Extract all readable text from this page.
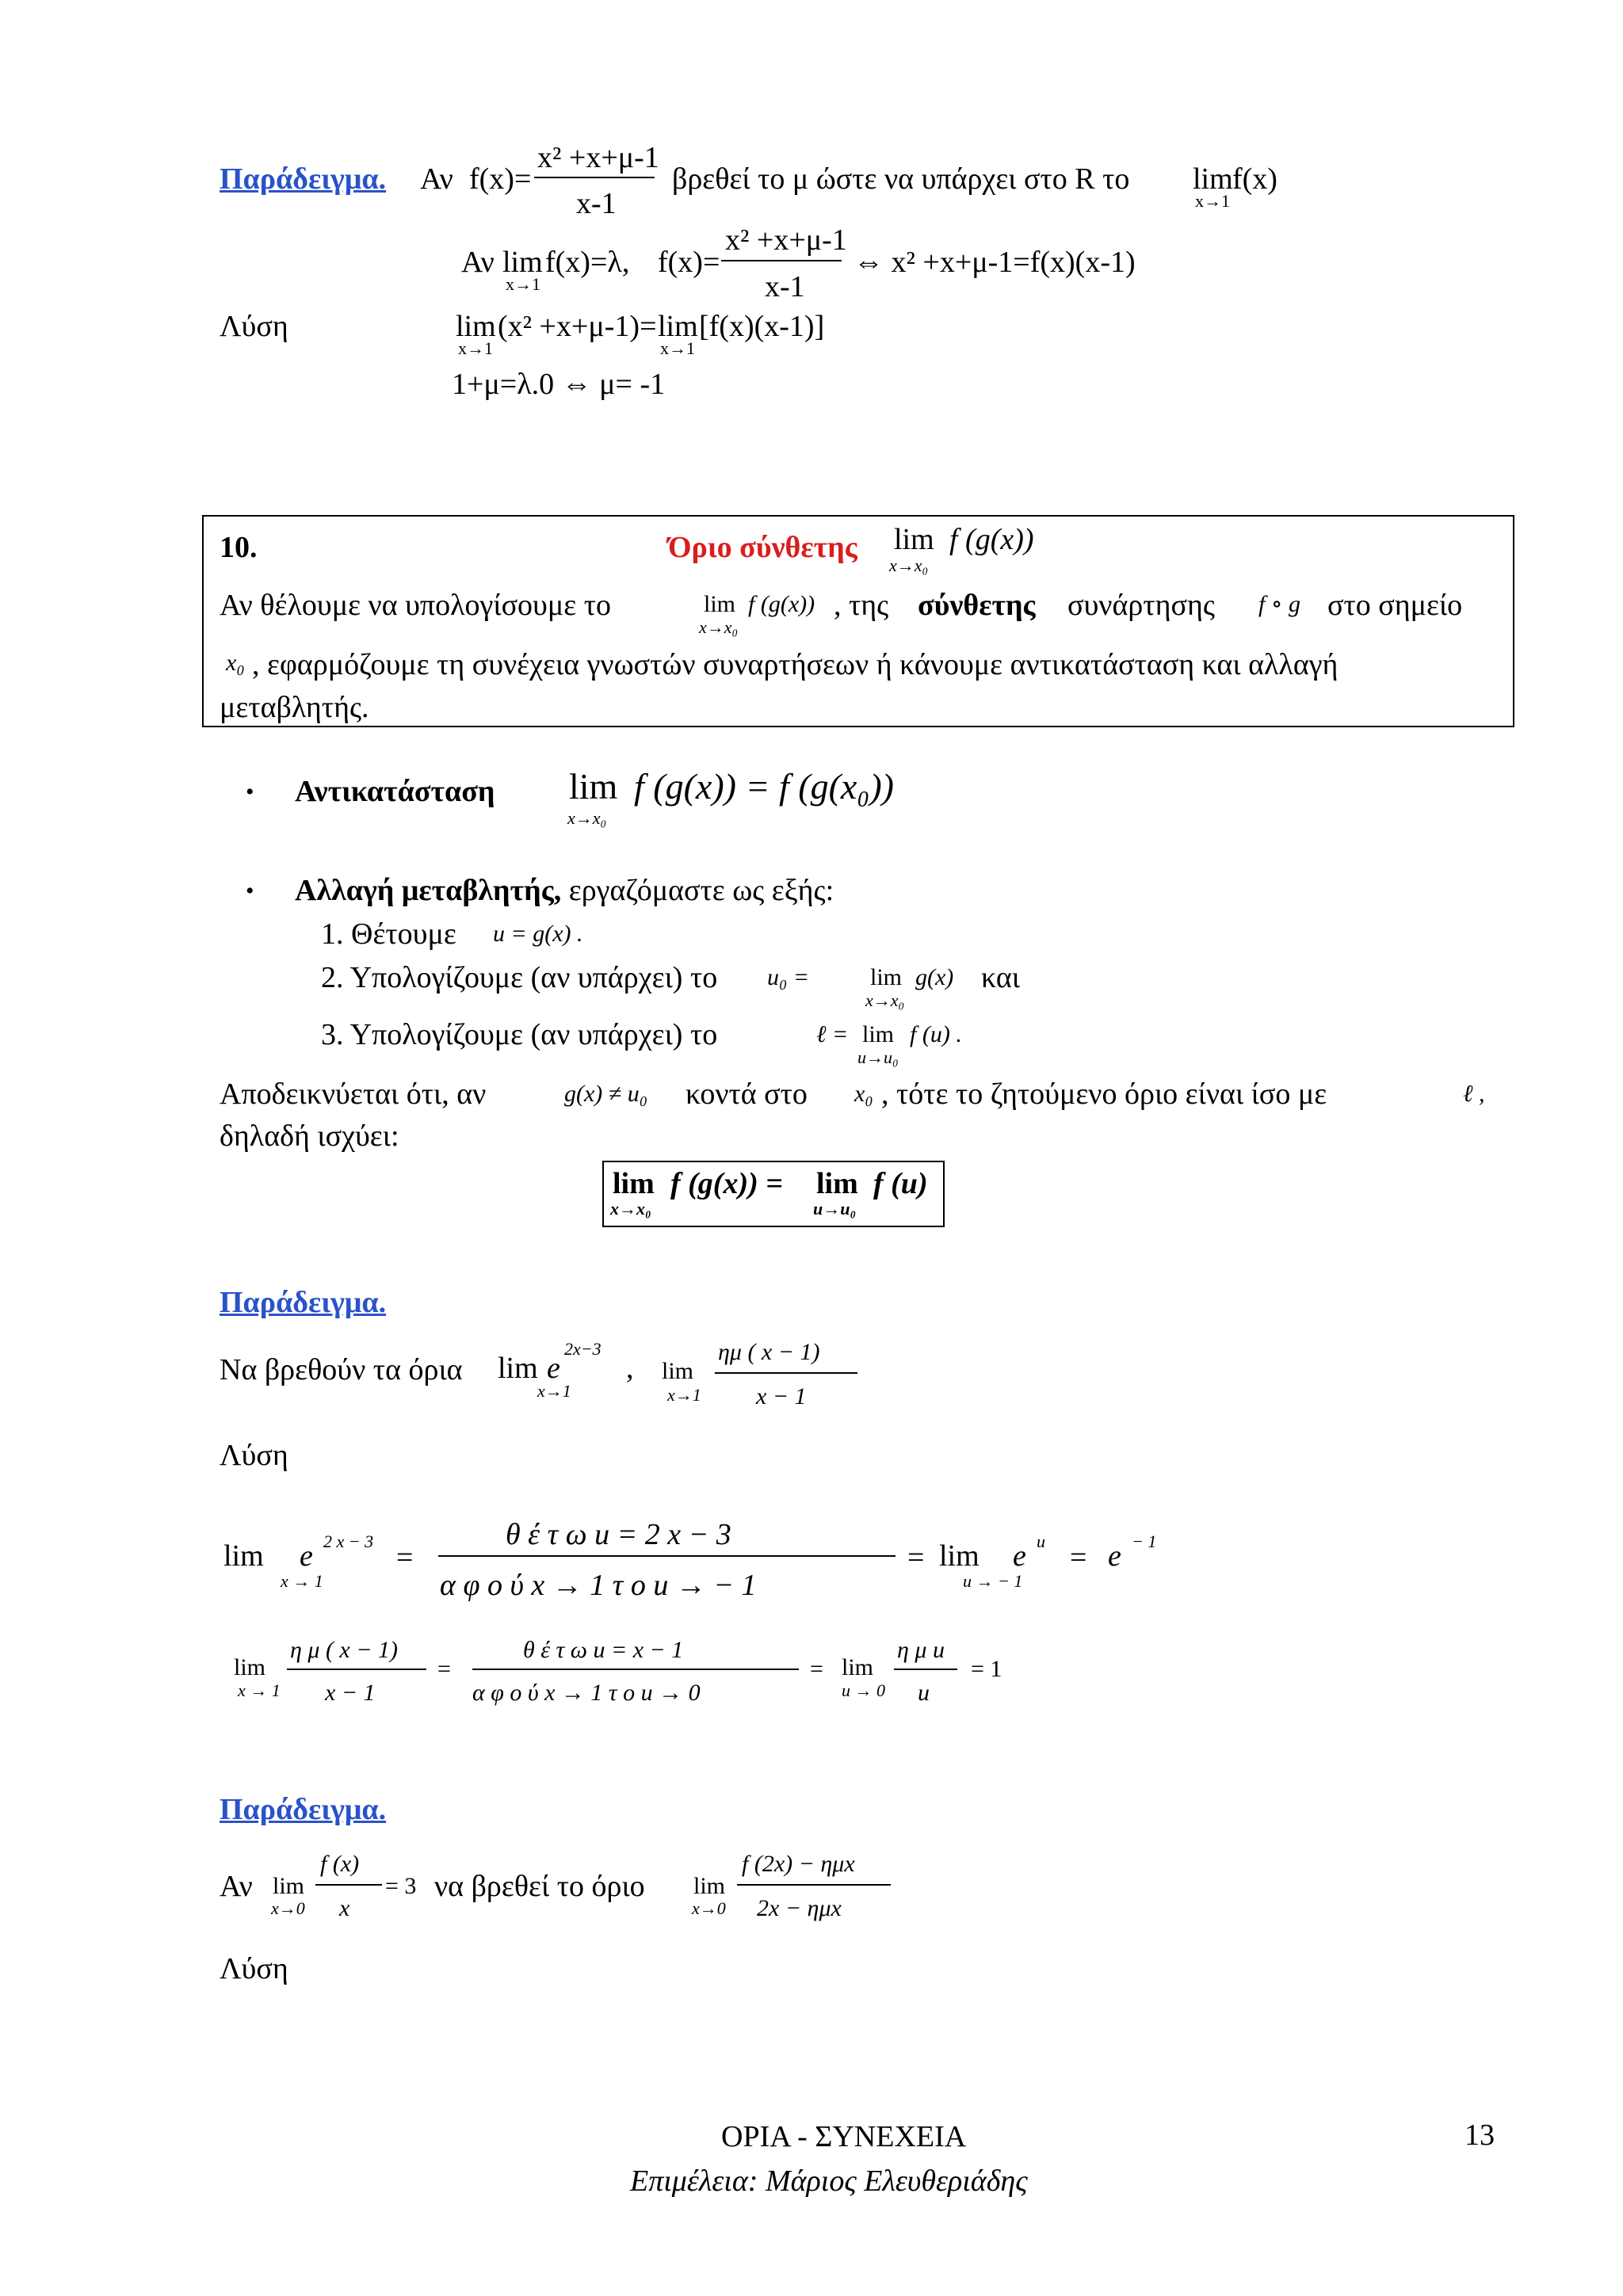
Παράδειγμα. Αν f(x)=
x² +x+μ-1
x-1
βρεθεί το μ ώστε να υπάρχει στο R το lim
x→1
f(x)
Αν lim
x→1
f(x)=λ, f(x)=
x² +x+μ-1
x-1
⇔ x² +x+μ-1=f(x)(x-1)
Λύση	lim
x→1
(x² +x+μ-1)= lim
x→1
[f(x)(x-1)]
1+μ=λ.0 ⇔ μ= -1
10.	Όριο σύνθετης lim
x→x₀
f (g(x))
Αν θέλουμε να υπολογίσουμε το	lim
x→x₀
f (g(x)) , της σύνθετης συνάρτησης f ∘ g στο σημείο
x₀ , εφαρμόζουμε τη συνέχεια γνωστών συναρτήσεων ή κάνουμε αντικατάσταση και αλλαγή
μεταβλητής.
• Αντικατάσταση lim
x→x₀
f (g(x)) = f (g(x₀))
• Αλλαγή μεταβλητής, εργαζόμαστε ως εξής:
1. Θέτουμε u = g(x) .
2. Υπολογίζουμε (αν υπάρχει) το u₀ =	lim
x→x₀
g(x) και
3. Υπολογίζουμε (αν υπάρχει) το	ℓ = lim
u→u₀
f (u) .
Αποδεικνύεται ότι, αν	g(x) ≠ u₀ κοντά στο x₀ , τότε το ζητούμενο όριο είναι ίσο με	ℓ ,
δηλαδή ισχύει:
lim
x→x₀
f (g(x)) = lim
u→u₀
f (u)
Παράδειγμα.
Να βρεθούν τα όρια lim
x→1
e
2x−3
, lim
x→1
ημ ( x − 1)
x − 1
Λύση
lim
x → 1
e 2 x − 3 =
θ έ τ ω u = 2 x − 3
α φ ο ύ x → 1 τ ο u → − 1
= lim
u → − 1
e u = e − 1
lim
x → 1
η μ ( x − 1)
x − 1
=
θ έ τ ω u = x − 1
α φ ο ύ x → 1 τ ο u → 0
= lim
u → 0
η μ u
u
= 1
Παράδειγμα.
Αν lim
x→0
f (x)
x
= 3 να βρεθεί το όριο lim
x→0
f (2x) − ημx
2x − ημx
Λύση
ΟΡΙΑ - ΣΥΝΕΧΕΙΑ
Επιμέλεια: Μάριος Ελευθεριάδης
13
